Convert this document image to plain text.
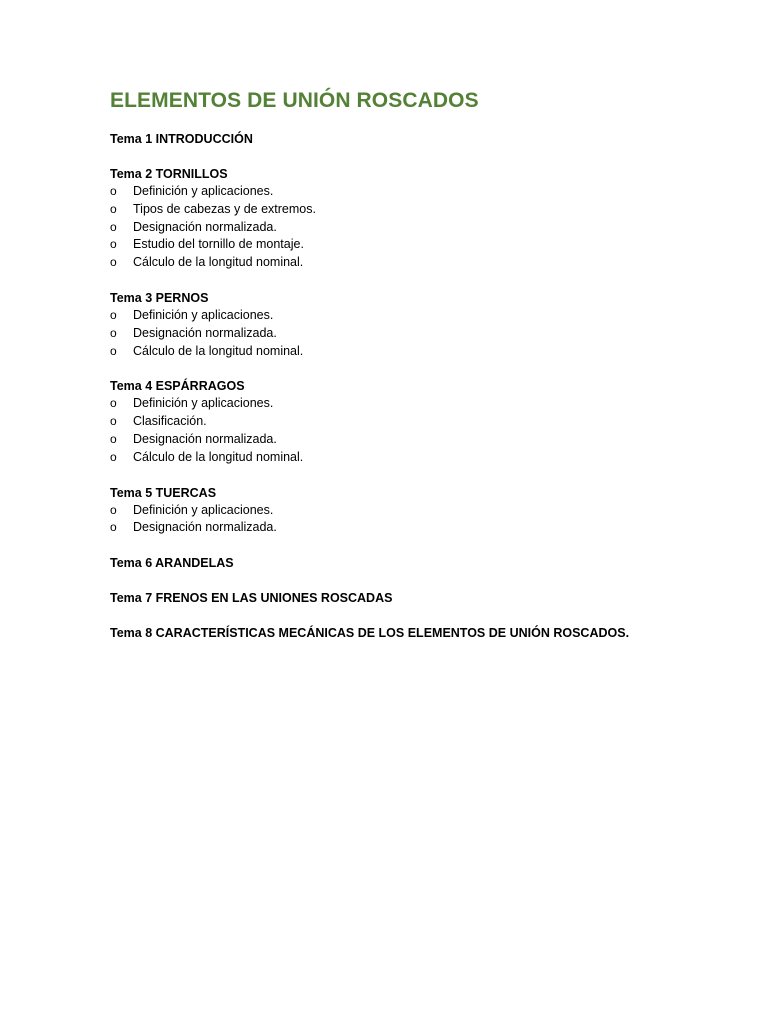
ELEMENTOS DE UNIÓN ROSCADOS

Tema 1 INTRODUCCIÓN

Tema 2 TORNILLOS

o Definición y aplicaciones.
o Tipos de cabezas y de extremos.
o Designación normalizada.
o Estudio del tornillo de montaje.
o Cálculo de la longitud nominal.

Tema 3 PERNOS

o Definición y aplicaciones.
o Designación normalizada.
o Cálculo de la longitud nominal.

Tema 4 ESPÁRRAGOS

o Definición y aplicaciones.
o Clasificación.
o Designación normalizada.
o Cálculo de la longitud nominal.

Tema 5 TUERCAS

o Definición y aplicaciones.
o Designación normalizada.

Tema 6 ARANDELAS

Tema 7 FRENOS EN LAS UNIONES ROSCADAS

Tema 8 CARACTERÍSTICAS MECÁNICAS DE LOS ELEMENTOS DE UNIÓN ROSCADOS.
